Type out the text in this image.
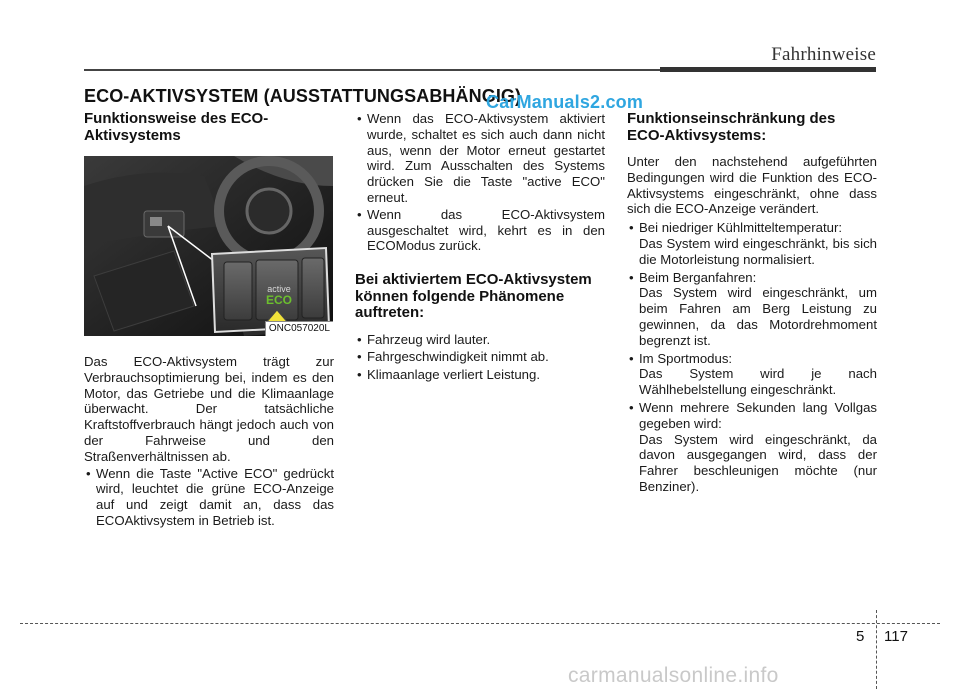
Fahrhinweise
ECO-AKTIVSYSTEM (AUSSTATTUNGSABHÄNGIG)
CarManuals2.com
Funktionsweise des ECO-Aktivsystems
active
ECO
ONC057020L

Das ECO-Aktivsystem trägt zur Verbrauchsoptimierung bei, indem es den Motor, das Getriebe und die Klimaanlage überwacht. Der tatsächliche Kraftstoffverbrauch hängt jedoch auch von der Fahrweise und den Straßenverhältnissen ab.

• Wenn die Taste "Active ECO" gedrückt wird, leuchtet die grüne ECO-Anzeige auf und zeigt damit an, dass das ECOAktivsystem in Betrieb ist.
• Wenn das ECO-Aktivsystem aktiviert wurde, schaltet es sich auch dann nicht aus, wenn der Motor erneut gestartet wird. Zum Ausschalten des Systems drücken Sie die Taste "active ECO" erneut.
• Wenn das ECO-Aktivsystem ausgeschaltet wird, kehrt es in den ECOModus zurück.
Bei aktiviertem ECO-Aktivsystem können folgende Phänomene auftreten:
• Fahrzeug wird lauter.
• Fahrgeschwindigkeit nimmt ab.
• Klimaanlage verliert Leistung.
Funktionseinschränkung des ECO-Aktivsystems:

Unter den nachstehend aufgeführten Bedingungen wird die Funktion des ECO-Aktivsystems eingeschränkt, ohne dass sich die ECO-Anzeige verändert.

• Bei niedriger Kühlmitteltemperatur:
Das System wird eingeschränkt, bis sich die Motorleistung normalisiert.
• Beim Berganfahren:
Das System wird eingeschränkt, um beim Fahren am Berg Leistung zu gewinnen, da das Motordrehmoment begrenzt ist.
• Im Sportmodus:
Das System wird je nach Wählhebelstellung eingeschränkt.
• Wenn mehrere Sekunden lang Vollgas gegeben wird:
Das System wird eingeschränkt, da davon ausgegangen wird, dass der Fahrer beschleunigen möchte (nur Benziner).
5 117
carmanualsonline.info
